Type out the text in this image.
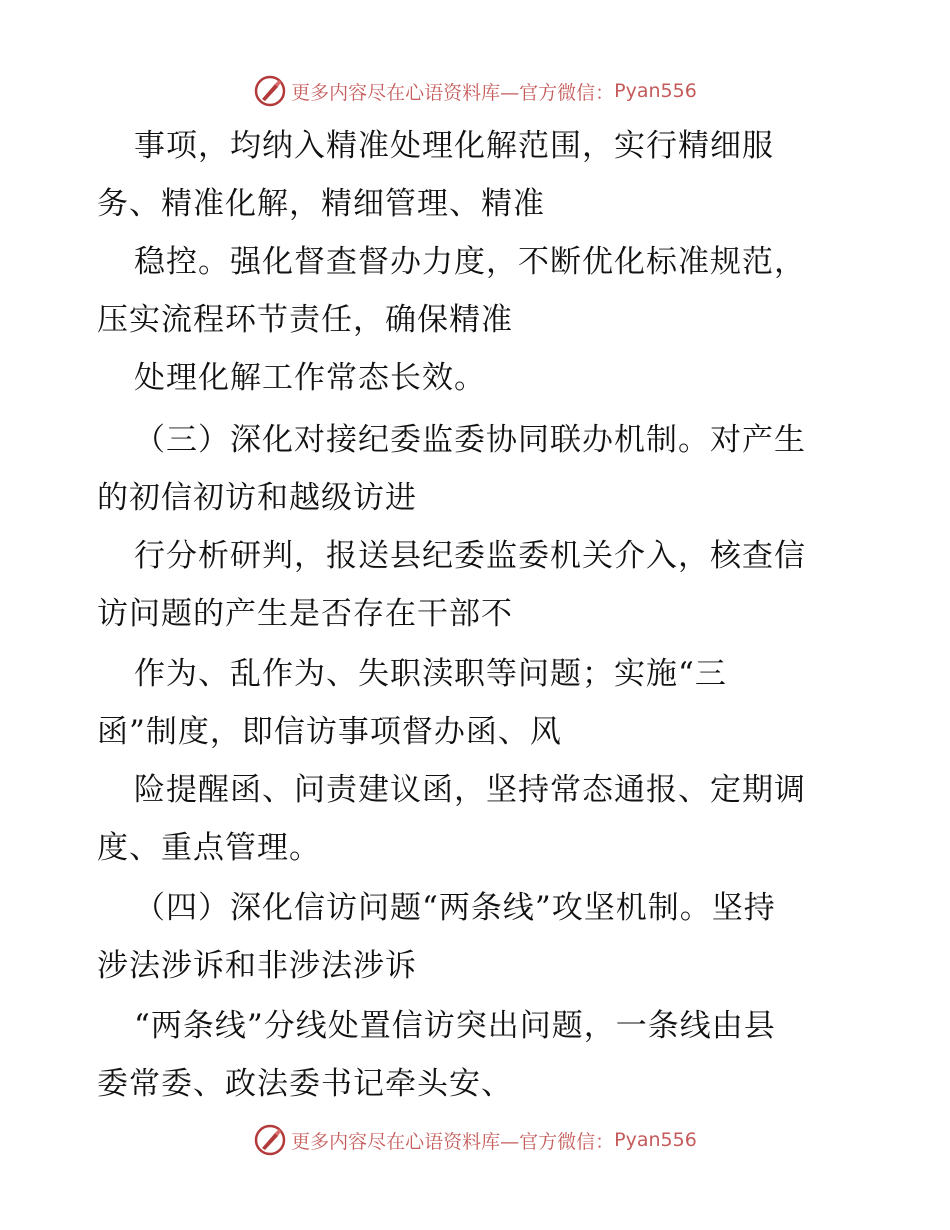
更多内容尽在心语资料库—官方微信： Pyan556
事项，均纳入精准处理化解范围，实行精细服
务、精准化解，精细管理、精准
稳控。强化督查督办力度，不断优化标准规范，
压实流程环节责任，确保精准
处理化解工作常态长效。
（三）深化对接纪委监委协同联办机制。对产生
的初信初访和越级访进
行分析研判，报送县纪委监委机关介入，核查信
访问题的产生是否存在干部不
作为、乱作为、失职渎职等问题；实施“三
函”制度，即信访事项督办函、风
险提醒函、问责建议函，坚持常态通报、定期调
度、重点管理。
（四）深化信访问题“两条线”攻坚机制。坚持
涉法涉诉和非涉法涉诉
“两条线”分线处置信访突出问题，一条线由县
委常委、政法委书记牵头安、
更多内容尽在心语资料库—官方微信： Pyan556
